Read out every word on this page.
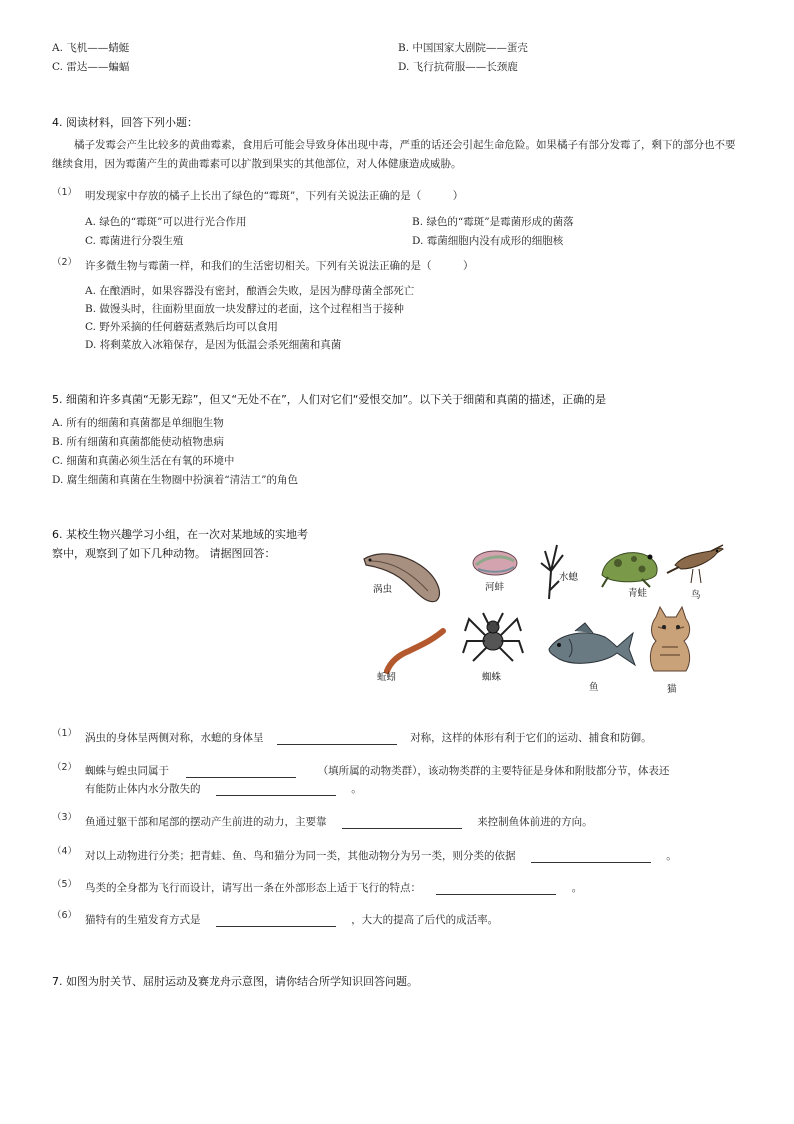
A. 飞机——蜻蜓	B. 中国国家大剧院——蛋壳
C. 雷达——蝙蝠	D. 飞行抗荷服——长颈鹿
4. 阅读材料，回答下列小题：
橘子发霉会产生比较多的黄曲霉素，食用后可能会导致身体出现中毒，严重的话还会引起生命危险。如果橘子有部分发霉了，剩下的部分也不要继续食用，因为霉菌产生的黄曲霉素可以扩散到果实的其他部位，对人体健康造成威胁。
（1） 明发现家中存放的橘子上长出了绿色的“霉斑”，下列有关说法正确的是（　　　）
A. 绿色的“霉斑”可以进行光合作用	B. 绿色的“霉斑”是霉菌形成的菌落
C. 霉菌进行分裂生殖	D. 霉菌细胞内没有成形的细胞核
（2） 许多微生物与霉菌一样，和我们的生活密切相关。下列有关说法正确的是（　　　）
A. 在酿酒时，如果容器没有密封，酿酒会失败，是因为酵母菌全部死亡
B. 做馒头时，往面粉里面放一块发酵过的老面，这个过程相当于接种
C. 野外采摘的任何蘑菇煮熟后均可以食用
D. 将剩菜放入冰箱保存，是因为低温会杀死细菌和真菌
5. 细菌和许多真菌“无影无踪”，但又“无处不在”，人们对它们“爱恨交加”。以下关于细菌和真菌的描述，正确的是
A. 所有的细菌和真菌都是单细胞生物
B. 所有细菌和真菌都能使动植物患病
C. 细菌和真菌必须生活在有氧的环境中
D. 腐生细菌和真菌在生物圈中扮演着“清洁工”的角色
6. 某校生物兴趣学习小组，在一次对某地域的实地考
察中，观察到了如下几种动物。 请据图回答：
涡虫	河蚌
水螅
青蛙	鸟
蚯蚓	蜘蛛
鱼	猫
（1） 涡虫的身体呈两侧对称，水螅的身体呈	对称，这样的体形有利于它们的运动、捕食和防御。
（2） 蜘蛛与蝗虫同属于	（填所属的动物类群），该动物类群的主要特征是身体和附肢都分节，体表还
有能防止体内水分散失的	。
（3） 鱼通过躯干部和尾部的摆动产生前进的动力，主要靠	来控制鱼体前进的方向。
（4） 对以上动物进行分类；把青蛙、鱼、鸟和猫分为同一类，其他动物分为另一类，则分类的依据	。
（5） 鸟类的全身都为飞行而设计，请写出一条在外部形态上适于飞行的特点：	。
（6） 猫特有的生殖发育方式是	，大大的提高了后代的成活率。
7. 如图为肘关节、屈肘运动及赛龙舟示意图，请你结合所学知识回答问题。
